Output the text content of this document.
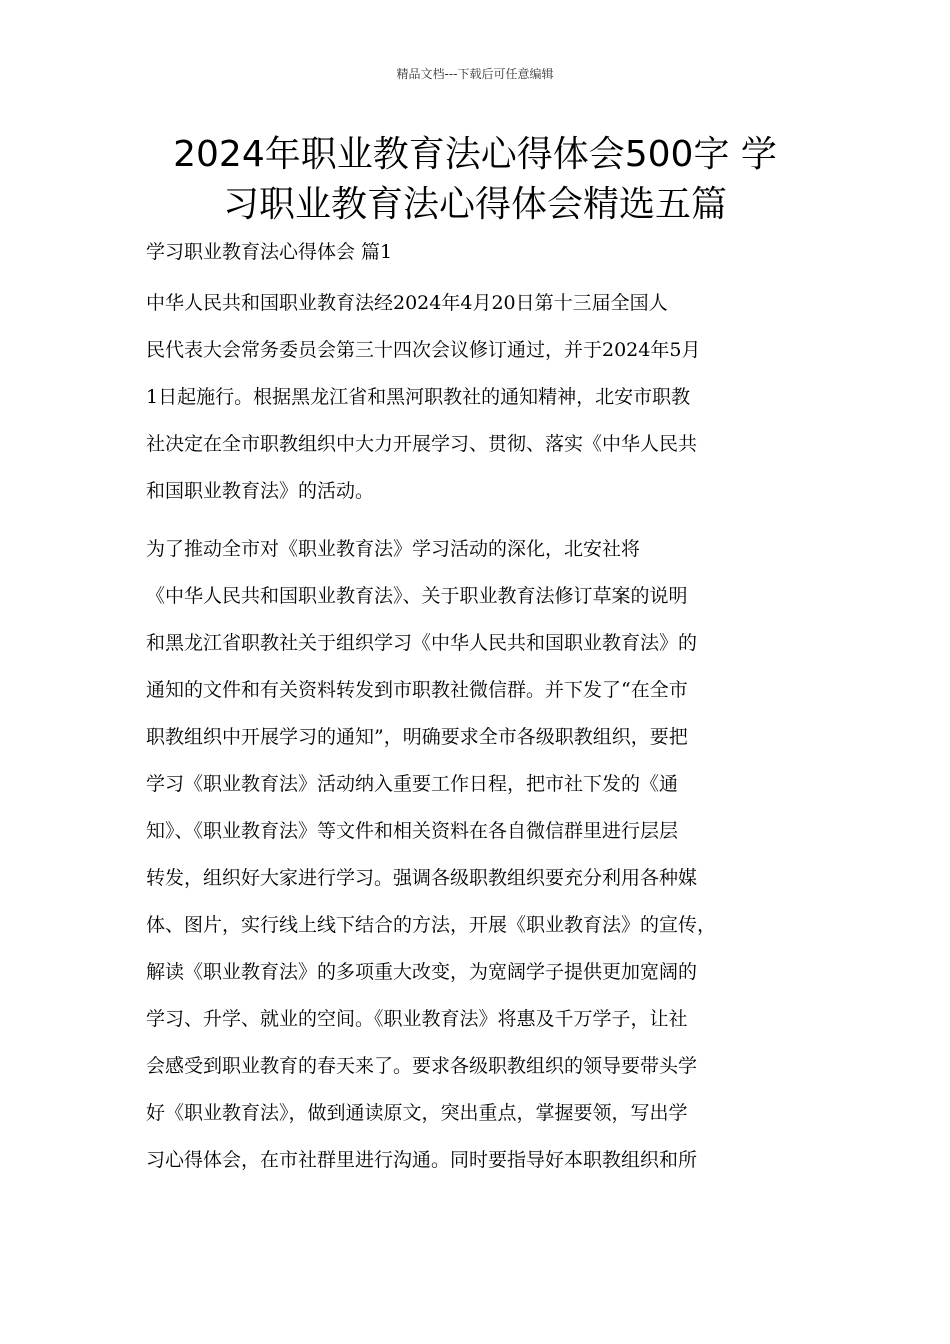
精品文档---下载后可任意编辑
2024年职业教育法心得体会500字 学
习职业教育法心得体会精选五篇

学习职业教育法心得体会 篇1

中华人民共和国职业教育法经2024年4月20日第十三届全国人
民代表大会常务委员会第三十四次会议修订通过，并于2024年5月
1日起施行。根据黑龙江省和黑河职教社的通知精神，北安市职教
社决定在全市职教组织中大力开展学习、贯彻、落实《中华人民共
和国职业教育法》的活动。
为了推动全市对《职业教育法》学习活动的深化，北安社将
《中华人民共和国职业教育法》、关于职业教育法修订草案的说明
和黑龙江省职教社关于组织学习《中华人民共和国职业教育法》的
通知的文件和有关资料转发到市职教社微信群。并下发了“在全市
职教组织中开展学习的通知”，明确要求全市各级职教组织，要把
学习《职业教育法》活动纳入重要工作日程，把市社下发的《通
知》、《职业教育法》等文件和相关资料在各自微信群里进行层层
转发，组织好大家进行学习。强调各级职教组织要充分利用各种媒
体、图片，实行线上线下结合的方法，开展《职业教育法》的宣传，
解读《职业教育法》的多项重大改变，为宽阔学子提供更加宽阔的
学习、升学、就业的空间。《职业教育法》将惠及千万学子，让社
会感受到职业教育的春天来了。要求各级职教组织的领导要带头学
好《职业教育法》，做到通读原文，突出重点，掌握要领，写出学
习心得体会，在市社群里进行沟通。同时要指导好本职教组织和所
